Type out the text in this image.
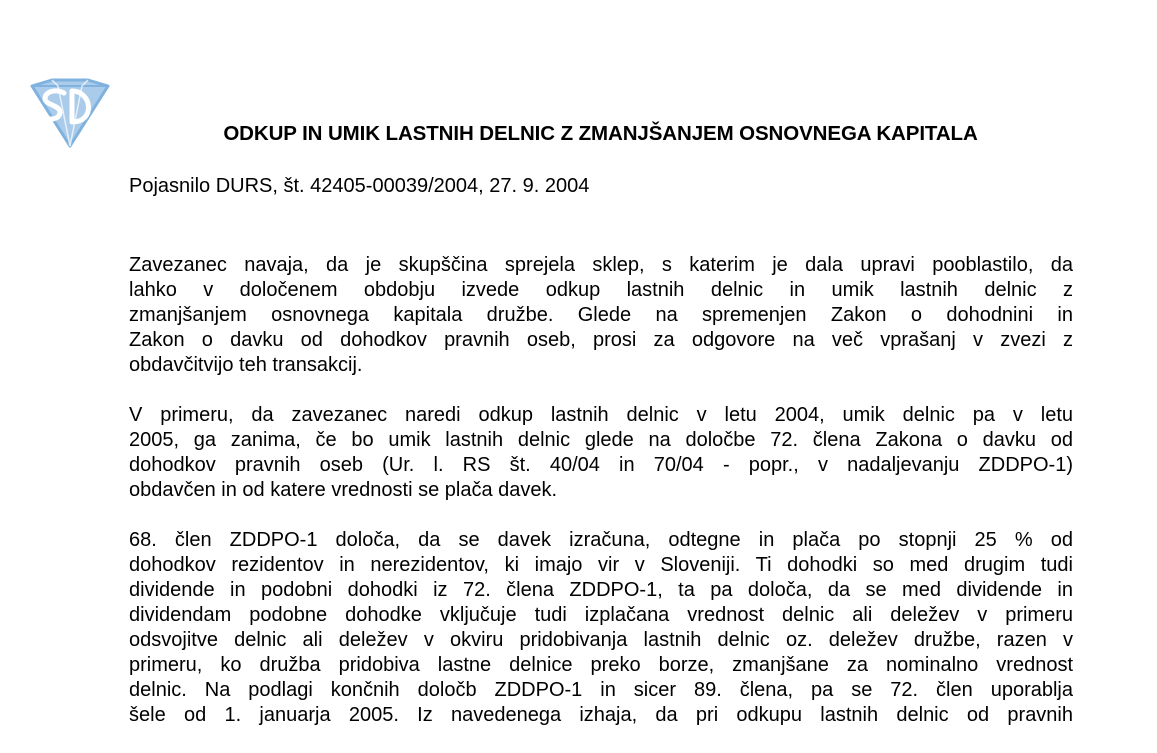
ODKUP IN UMIK LASTNIH DELNIC Z ZMANJŠANJEM OSNOVNEGA KAPITALA

Pojasnilo DURS, št. 42405-00039/2004, 27. 9. 2004

Zavezanec navaja, da je skupščina sprejela sklep, s katerim je dala upravi pooblastilo, da
lahko v določenem obdobju izvede odkup lastnih delnic in umik lastnih delnic z
zmanjšanjem osnovnega kapitala družbe. Glede na spremenjen Zakon o dohodnini in
Zakon o davku od dohodkov pravnih oseb, prosi za odgovore na več vprašanj v zvezi z
obdavčitvijo teh transakcij.

V primeru, da zavezanec naredi odkup lastnih delnic v letu 2004, umik delnic pa v letu
2005, ga zanima, če bo umik lastnih delnic glede na določbe 72. člena Zakona o davku od
dohodkov pravnih oseb (Ur. l. RS št. 40/04 in 70/04 - popr., v nadaljevanju ZDDPO-1)
obdavčen in od katere vrednosti se plača davek.

68. člen ZDDPO-1 določa, da se davek izračuna, odtegne in plača po stopnji 25 % od
dohodkov rezidentov in nerezidentov, ki imajo vir v Sloveniji. Ti dohodki so med drugim tudi
dividende in podobni dohodki iz 72. člena ZDDPO-1, ta pa določa, da se med dividende in
dividendam podobne dohodke vključuje tudi izplačana vrednost delnic ali deležev v primeru
odsvojitve delnic ali deležev v okviru pridobivanja lastnih delnic oz. deležev družbe, razen v
primeru, ko družba pridobiva lastne delnice preko borze, zmanjšane za nominalno vrednost
delnic. Na podlagi končnih določb ZDDPO-1 in sicer 89. člena, pa se 72. člen uporablja
šele od 1. januarja 2005. Iz navedenega izhaja, da pri odkupu lastnih delnic od pravnih
